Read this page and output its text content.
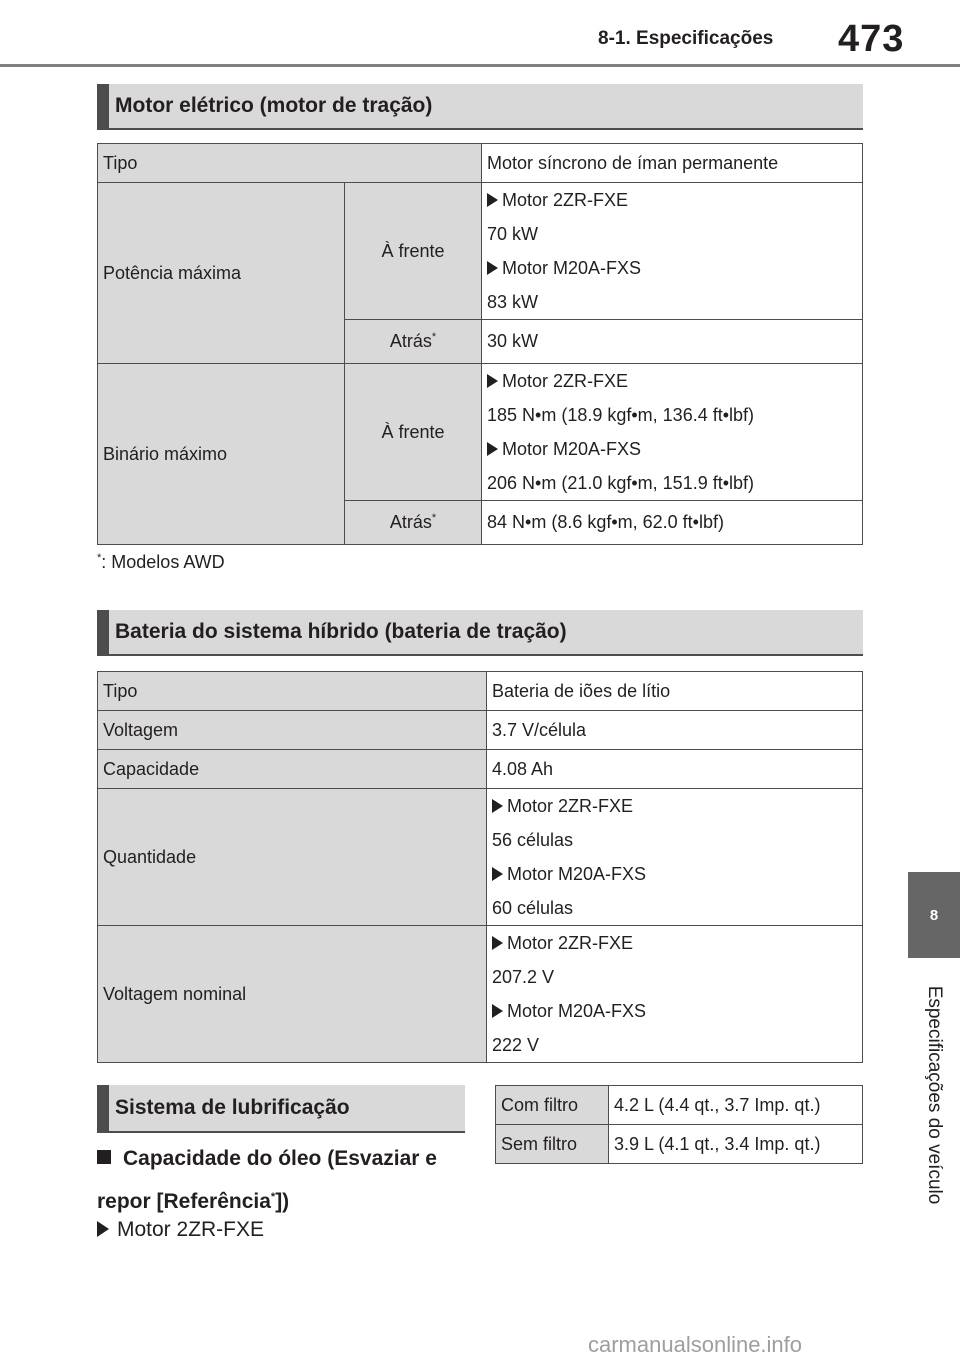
8-1. Especificações 473
8
Especificações do veículo
Motor elétrico (motor de tração)
Tipo		Motor síncrono de íman permanente
Potência máxima	À frente	Motor 2ZR-FXE
70 kW
Motor M20A-FXS
83 kW

	Atrás*	30 kW
Binário máximo	À frente	Motor 2ZR-FXE
185 N•m (18.9 kgf•m, 136.4 ft•lbf)
Motor M20A-FXS
206 N•m (21.0 kgf•m, 151.9 ft•lbf)

	Atrás*	84 N•m (8.6 kgf•m, 62.0 ft•lbf)
*: Modelos AWD
Bateria do sistema híbrido (bateria de tração)
Tipo	Bateria de iões de lítio
Voltagem	3.7 V/célula
Capacidade	4.08 Ah
Quantidade	Motor 2ZR-FXE
56 células
Motor M20A-FXS
60 células

Voltagem nominal	Motor 2ZR-FXE
207.2 V
Motor M20A-FXS
222 V
Sistema de lubrificação
Capacidade do óleo (Esvaziar e repor [Referência*])
Motor 2ZR-FXE
Com filtro	4.2 L (4.4 qt., 3.7 Imp. qt.)
Sem filtro	3.9 L (4.1 qt., 3.4 Imp. qt.)
carmanualsonline.info
